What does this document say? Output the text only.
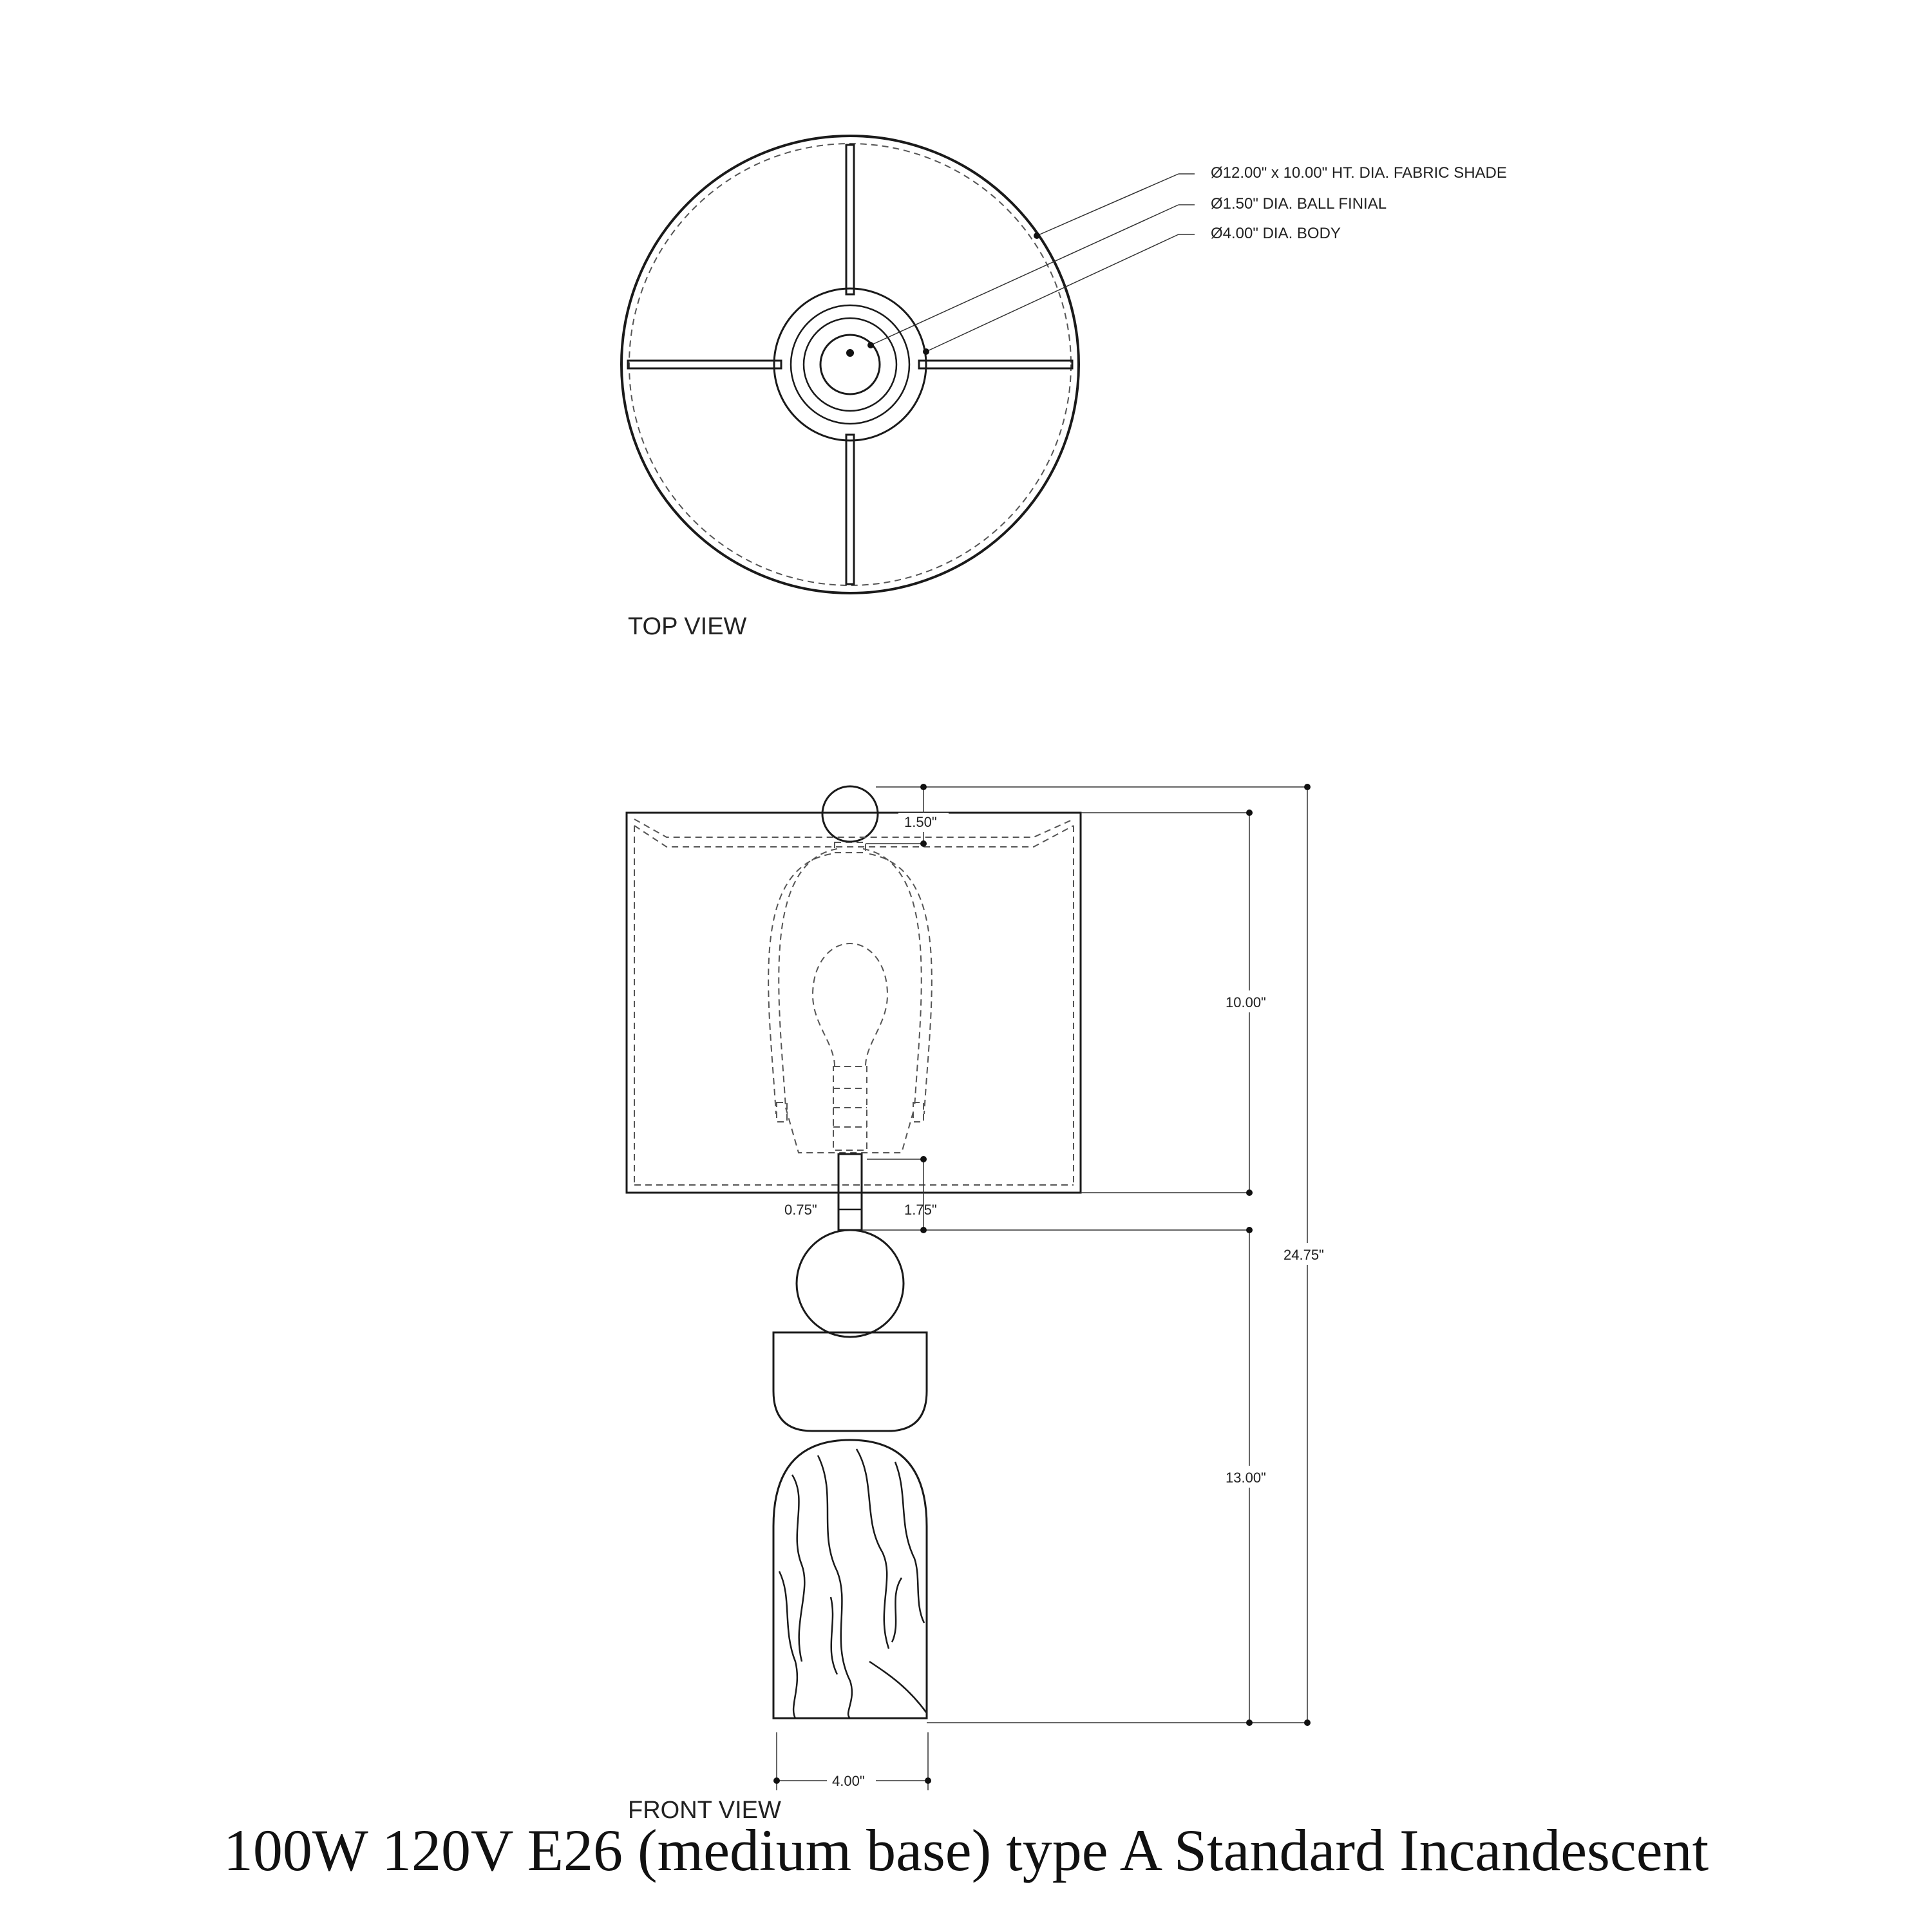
Ø12.00" x 10.00" HT. DIA. FABRIC SHADE
Ø1.50" DIA. BALL FINIAL
Ø4.00" DIA. BODY
TOP VIEW
1.50"
10.00"
24.75"
0.75"	1.75"
13.00"
4.00"
FRONT VIEW
100W 120V E26 (medium base) type A Standard Incandescent
